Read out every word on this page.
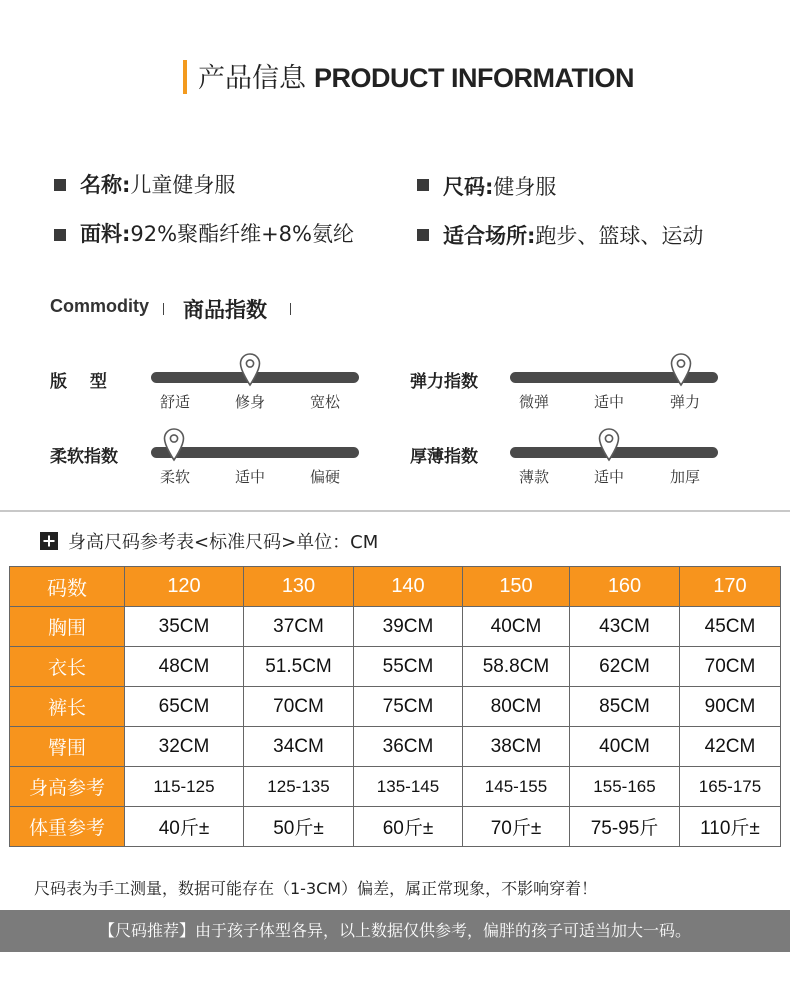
产品信息 PRODUCT INFORMATION
名称:儿童健身服	尺码:健身服
面料:92%聚酯纤维+8%氨纶	适合场所:跑步、篮球、运动
Commodity 商品指数
版　 型
舒适	修身	宽松
弹力指数
微弹	适中	弹力
柔软指数
柔软	适中	偏硬
厚薄指数
薄款	适中	加厚
身高尺码参考表<标准尺码>单位：CM
码数	120	130	140	150	160	170
胸围	35CM	37CM	39CM	40CM	43CM	45CM
衣长	48CM	51.5CM	55CM	58.8CM	62CM	70CM
裤长	65CM	70CM	75CM	80CM	85CM	90CM
臀围	32CM	34CM	36CM	38CM	40CM	42CM
身高参考	115-125	125-135	135-145	145-155	155-165	165-175
体重参考	40斤±	50斤±	60斤±	70斤±	75-95斤	110斤±
尺码表为手工测量，数据可能存在（1-3CM）偏差，属正常现象，不影响穿着！
【尺码推荐】由于孩子体型各异，以上数据仅供参考，偏胖的孩子可适当加大一码。
